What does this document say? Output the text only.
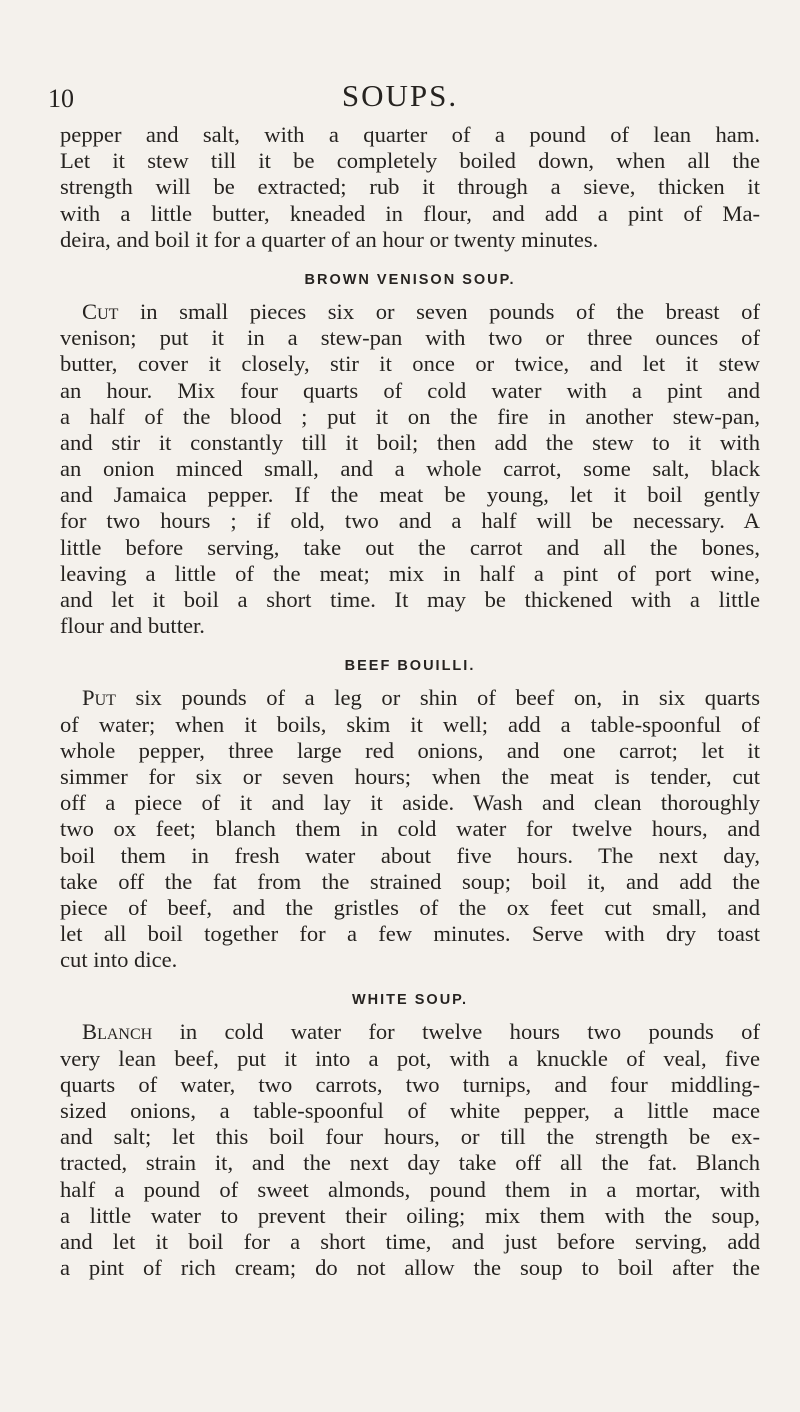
10	SOUPS.
pepper and salt, with a quarter of a pound of lean ham.
Let it stew till it be completely boiled down, when all the
strength will be extracted; rub it through a sieve, thicken it
with a little butter, kneaded in flour, and add a pint of Ma-
deira, and boil it for a quarter of an hour or twenty minutes.
BROWN VENISON SOUP.
Cut in small pieces six or seven pounds of the breast of
venison; put it in a stew-pan with two or three ounces of
butter, cover it closely, stir it once or twice, and let it stew
an hour. Mix four quarts of cold water with a pint and
a half of the blood ; put it on the fire in another stew-pan,
and stir it constantly till it boil; then add the stew to it with
an onion minced small, and a whole carrot, some salt, black
and Jamaica pepper. If the meat be young, let it boil gently
for two hours ; if old, two and a half will be necessary. A
little before serving, take out the carrot and all the bones,
leaving a little of the meat; mix in half a pint of port wine,
and let it boil a short time. It may be thickened with a little
flour and butter.
BEEF BOUILLI.
Put six pounds of a leg or shin of beef on, in six quarts
of water; when it boils, skim it well; add a table-spoonful of
whole pepper, three large red onions, and one carrot; let it
simmer for six or seven hours; when the meat is tender, cut
off a piece of it and lay it aside. Wash and clean thoroughly
two ox feet; blanch them in cold water for twelve hours, and
boil them in fresh water about five hours. The next day,
take off the fat from the strained soup; boil it, and add the
piece of beef, and the gristles of the ox feet cut small, and
let all boil together for a few minutes. Serve with dry toast
cut into dice.
WHITE SOUP.
Blanch in cold water for twelve hours two pounds of
very lean beef, put it into a pot, with a knuckle of veal, five
quarts of water, two carrots, two turnips, and four middling-
sized onions, a table-spoonful of white pepper, a little mace
and salt; let this boil four hours, or till the strength be ex-
tracted, strain it, and the next day take off all the fat. Blanch
half a pound of sweet almonds, pound them in a mortar, with
a little water to prevent their oiling; mix them with the soup,
and let it boil for a short time, and just before serving, add
a pint of rich cream; do not allow the soup to boil after the
